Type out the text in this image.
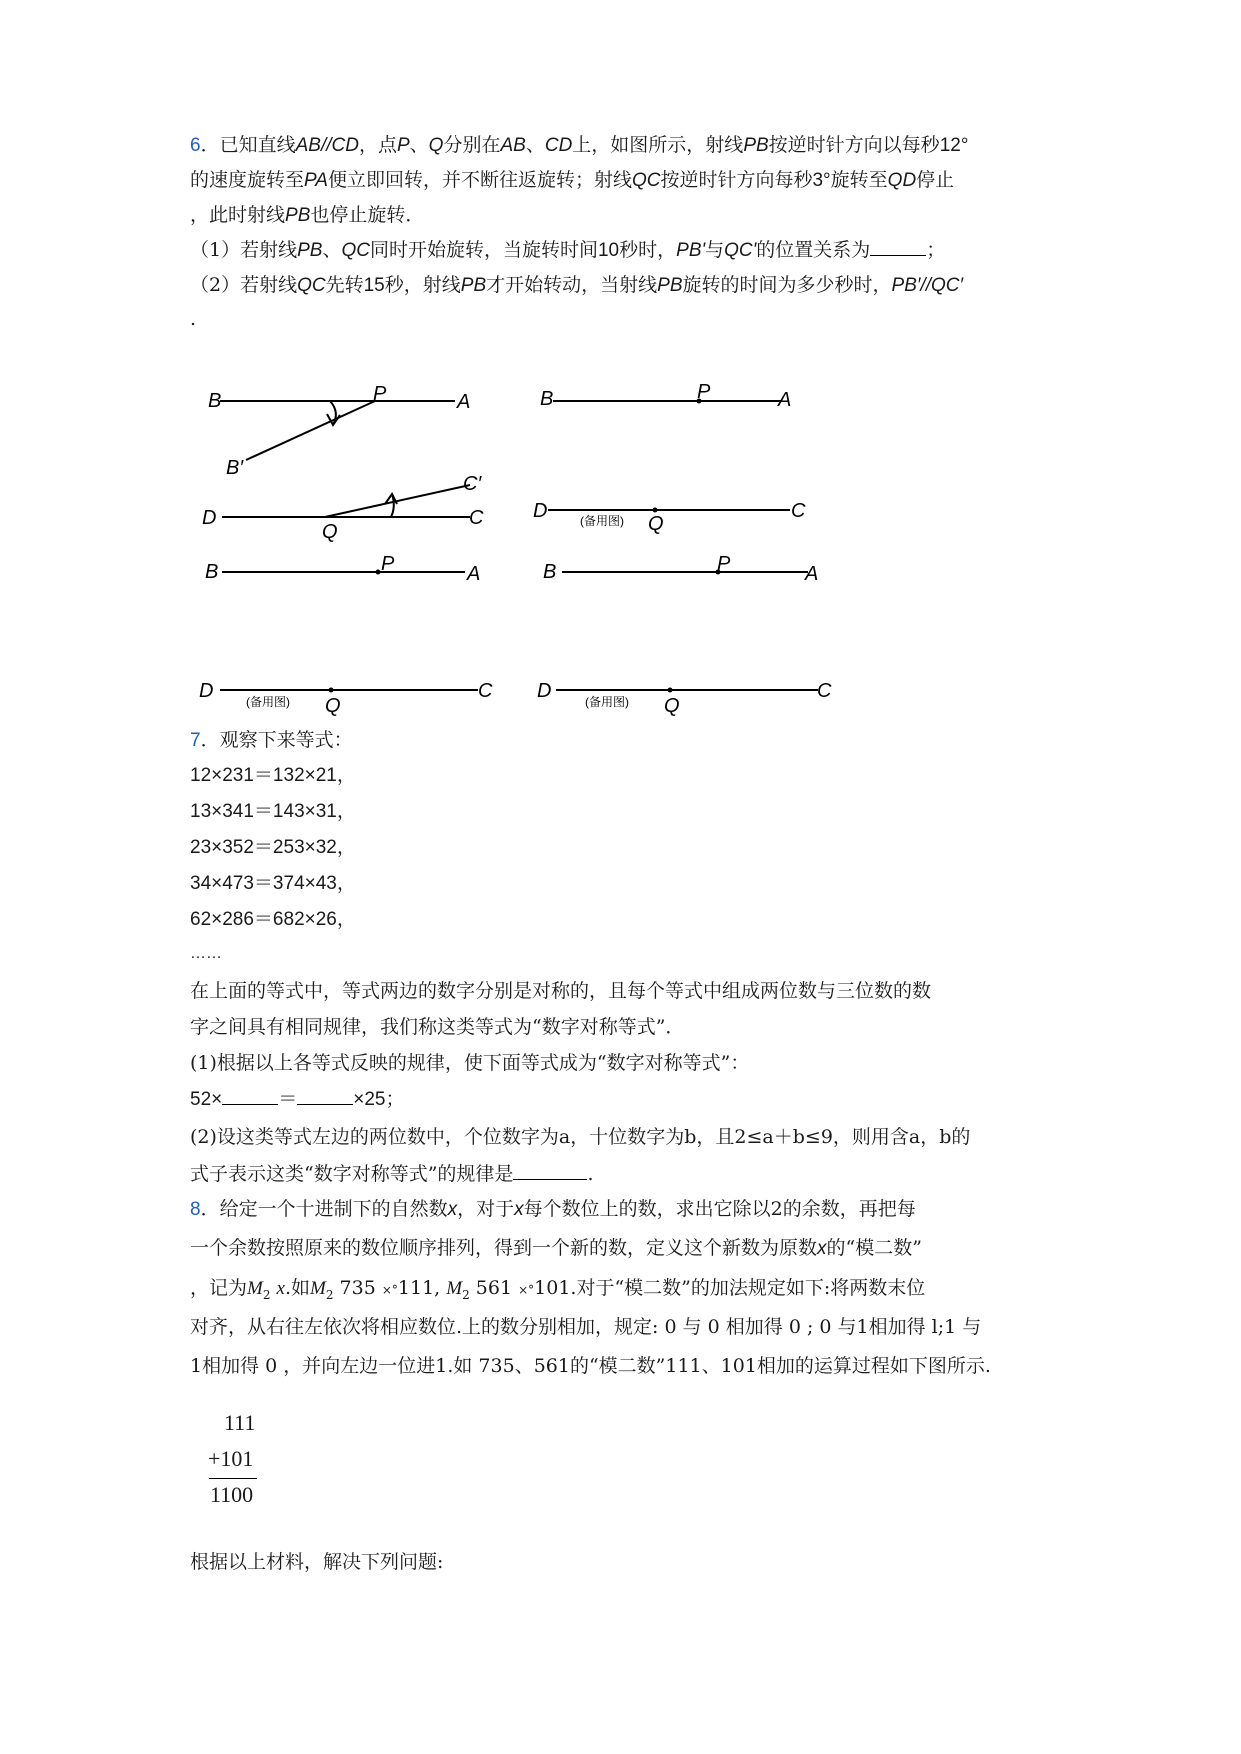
6．已知直线AB//CD，点P、Q分别在AB、CD上，如图所示，射线PB按逆时针方向以每秒12°
的速度旋转至PA便立即回转，并不断往返旋转；射线QC按逆时针方向每秒3°旋转至QD停止
，此时射线PB也停止旋转．
（1）若射线PB、QC同时开始旋转，当旋转时间10秒时，PB'与QC'的位置关系为	；
（2）若射线QC先转15秒，射线PB才开始转动，当射线PB旋转的时间为多少秒时，PB′//QC′
.
B	P	A
B′
C′
D
Q
C
B	P	A
D
Q
C
B	P	A
D
Q
C
B	P	A
D
Q
C
(备用图)
(备用图)	(备用图)
7．观察下来等式：
12×231＝132×21，
13×341＝143×31，
23×352＝253×32，
34×473＝374×43，
62×286＝682×26，
……
在上面的等式中，等式两边的数字分别是对称的，且每个等式中组成两位数与三位数的数
字之间具有相同规律，我们称这类等式为“数字对称等式”．
(1)根据以上各等式反映的规律，使下面等式成为“数字对称等式”：
52×	＝	×25；
(2)设这类等式左边的两位数中，个位数字为a，十位数字为b，且2≤a＋b≤9，则用含a，b的
式子表示这类“数字对称等式”的规律是	.
8．给定一个十进制下的自然数x，对于x每个数位上的数，求出它除以2的余数，再把每
一个余数按照原来的数位顺序排列，得到一个新的数，定义这个新数为原数x的“模二数”
，记为$M_2$ x.如$M_2$ 735 ×°111, $M_2$ 561 ×°101.对于“模二数”的加法规定如下:将两数末位
对齐，从右往左依次将相应数位.上的数分别相加，规定: 0 与 0 相加得 0 ; 0 与1相加得 l;1 与
1相加得 0 ，并向左边一位进1.如 735、561的“模二数”111、101相加的运算过程如下图所示.
111
+101
1100
根据以上材料，解决下列问题:
